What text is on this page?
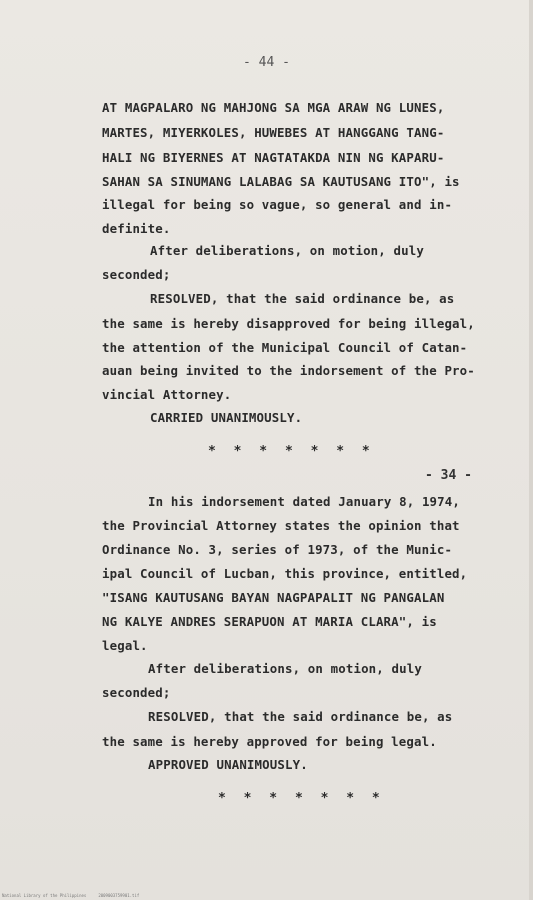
- 44 -
AT MAGPALARO NG MAHJONG SA MGA ARAW NG LUNES,
MARTES, MIYERKOLES, HUWEBES AT HANGGANG TANG-
HALI NG BIYERNES AT NAGTATAKDA NIN NG KAPARU-
SAHAN SA SINUMANG LALABAG SA KAUTUSANG ITO", is
illegal for being so vague, so general and in-
definite.
After deliberations, on motion, duly
seconded;
RESOLVED, that the said ordinance be, as
the same is hereby disapproved for being illegal,
the attention of the Municipal Council of Catan-
auan being invited to the indorsement of the Pro-
vincial Attorney.
CARRIED UNANIMOUSLY.
* * * * * * *
- 34 -
In his indorsement dated January 8, 1974,
the Provincial Attorney states the opinion that
Ordinance No. 3, series of 1973, of the Munic-
ipal Council of Lucban, this province, entitled,
"ISANG KAUTUSANG BAYAN NAGPAPALIT NG PANGALAN
NG KALYE ANDRES SERAPUON AT MARIA CLARA", is
legal.
After deliberations, on motion, duly
seconded;
RESOLVED, that the said ordinance be, as
the same is hereby approved for being legal.
APPROVED UNANIMOUSLY.
* * * * * * *
National Library of the Philippines     2009003759901.tif
